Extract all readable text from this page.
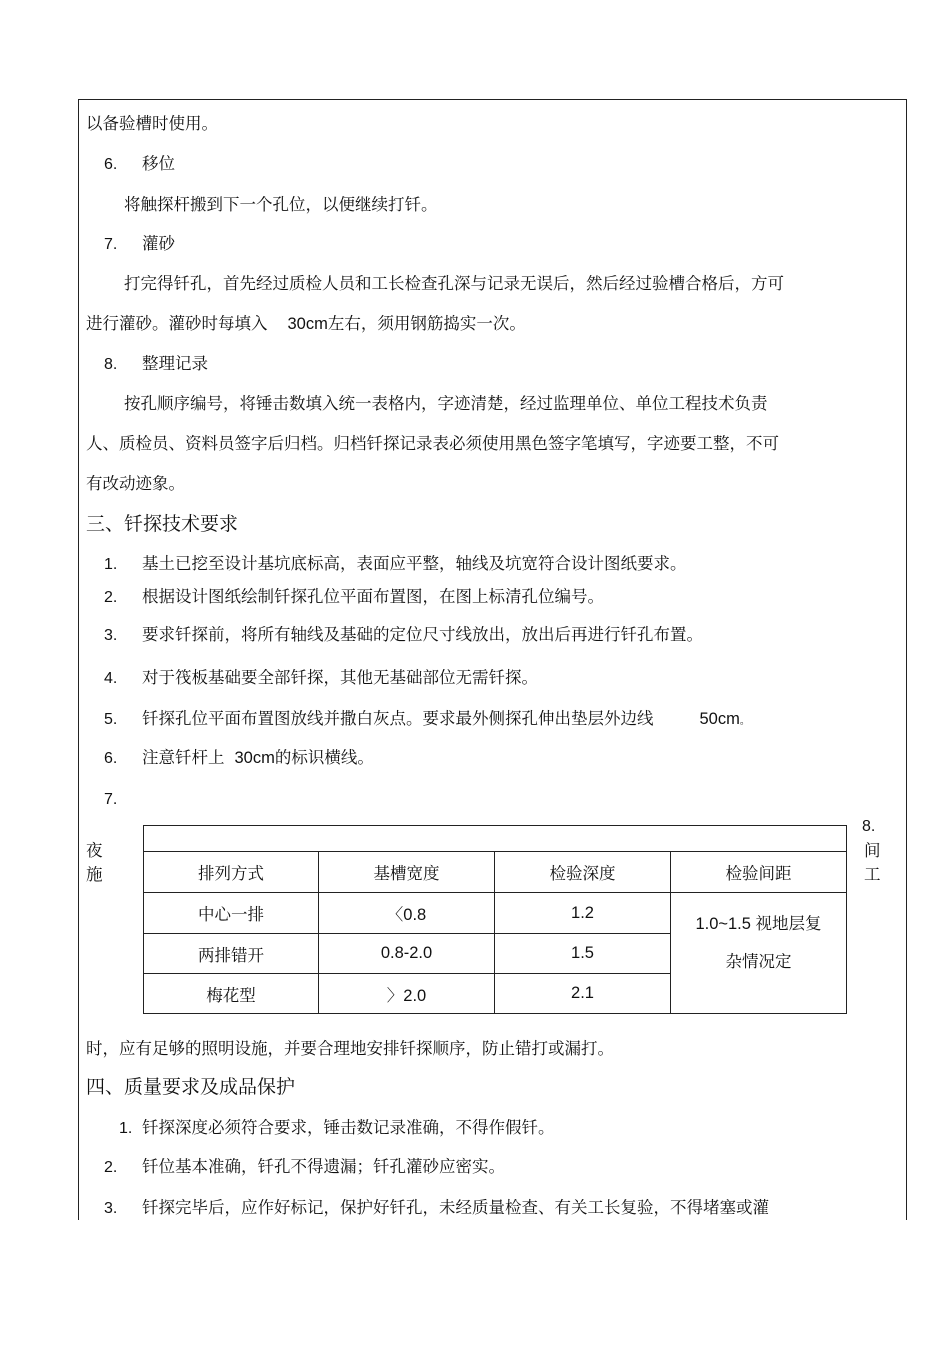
以备验槽时使用。
6. 移位
将触探杆搬到下一个孔位，以便继续打钎。
7. 灌砂
打完得钎孔，首先经过质检人员和工长检查孔深与记录无误后，然后经过验槽合格后，方可
进行灌砂。灌砂时每填入 30cm左右，须用钢筋捣实一次。
8. 整理记录
按孔顺序编号，将锤击数填入统一表格内，字迹清楚，经过监理单位、单位工程技术负责
人、质检员、资料员签字后归档。归档钎探记录表必须使用黑色签字笔填写，字迹要工整，不可
有改动迹象。
三、钎探技术要求
1. 基土已挖至设计基坑底标高，表面应平整，轴线及坑宽符合设计图纸要求。
2. 根据设计图纸绘制钎探孔位平面布置图，在图上标清孔位编号。
3. 要求钎探前，将所有轴线及基础的定位尺寸线放出，放出后再进行钎孔布置。
4. 对于筏板基础要全部钎探，其他无基础部位无需钎探。
5. 钎探孔位平面布置图放线并撒白灰点。要求最外侧探孔伸出垫层外边线	50cm。
6. 注意钎杆上 30cm的标识横线。
7.
夜
施
8.
间
工

排列方式	基槽宽度	检验深度	检验间距
中心一排	〈0.8	1.2	1.0~1.5 视地层复
杂情况定

两排错开	0.8-2.0	1.5	
梅花型	〉2.0	2.1	
时，应有足够的照明设施，并要合理地安排钎探顺序，防止错打或漏打。
四、质量要求及成品保护
1. 钎探深度必须符合要求，锤击数记录准确，不得作假钎。
2. 钎位基本准确，钎孔不得遗漏；钎孔灌砂应密实。
3. 钎探完毕后，应作好标记，保护好钎孔，未经质量检查、有关工长复验，不得堵塞或灌
